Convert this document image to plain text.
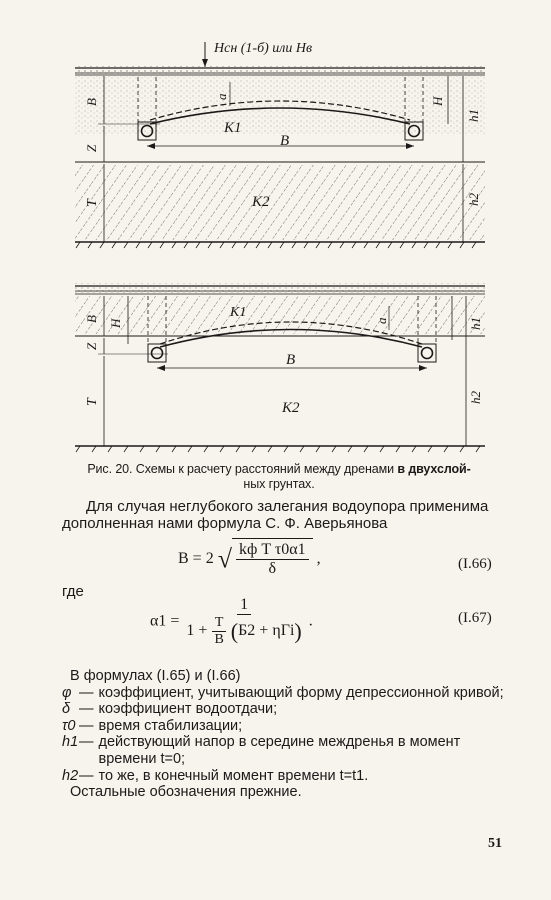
Hсн (1-б) или Hв
B
K1
K2
B
Z
T
a	H
h1
h2
B
Z
T
H
K1
B
K2
a	h1
h2
Рис. 20. Схемы к расчету расстояний между дренами в двухслой-
ных грунтах.
Для случая неглубокого залегания водоупора применима дополненная нами формула С. Ф. Аверьянова
B = 2 √ $\frac{\text{kф T τ0α1}}{\delta}$ ,	(I.66)
где
$\alpha 1 = \frac{1}{1 + \frac{T}{B} (Б2 + \eta\Gamma i)}$ .	(I.67)
В формулах (I.65) и (I.66)
φ — коэффициент, учитывающий форму депрессионной кривой;
δ — коэффициент водоотдачи;
τ0 — время стабилизации;
h1 — действующий напор в середине междренья в момент времени t=0;
h2 — то же, в конечный момент времени t=t1.
Остальные обозначения прежние.
51
